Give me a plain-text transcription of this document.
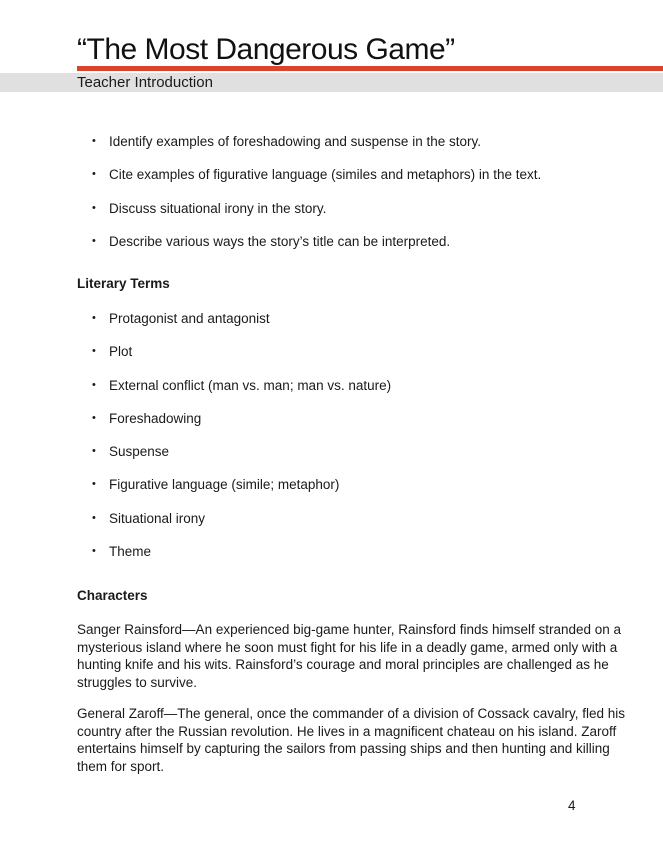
“The Most Dangerous Game”
Teacher Introduction
• Identify examples of foreshadowing and suspense in the story.
• Cite examples of figurative language (similes and metaphors) in the text.
• Discuss situational irony in the story.
• Describe various ways the story’s title can be interpreted.
Literary Terms
• Protagonist and antagonist
• Plot
• External conflict (man vs. man; man vs. nature)
• Foreshadowing
• Suspense
• Figurative language (simile; metaphor)
• Situational irony
• Theme
Characters

Sanger Rainsford—An experienced big-game hunter, Rainsford finds himself stranded on a mysterious island where he soon must fight for his life in a deadly game, armed only with a hunting knife and his wits. Rainsford’s courage and moral principles are challenged as he struggles to survive.

General Zaroff—The general, once the commander of a division of Cossack cavalry, fled his country after the Russian revolution. He lives in a magnificent chateau on his island. Zaroff entertains himself by capturing the sailors from passing ships and then hunting and killing them for sport.

4
